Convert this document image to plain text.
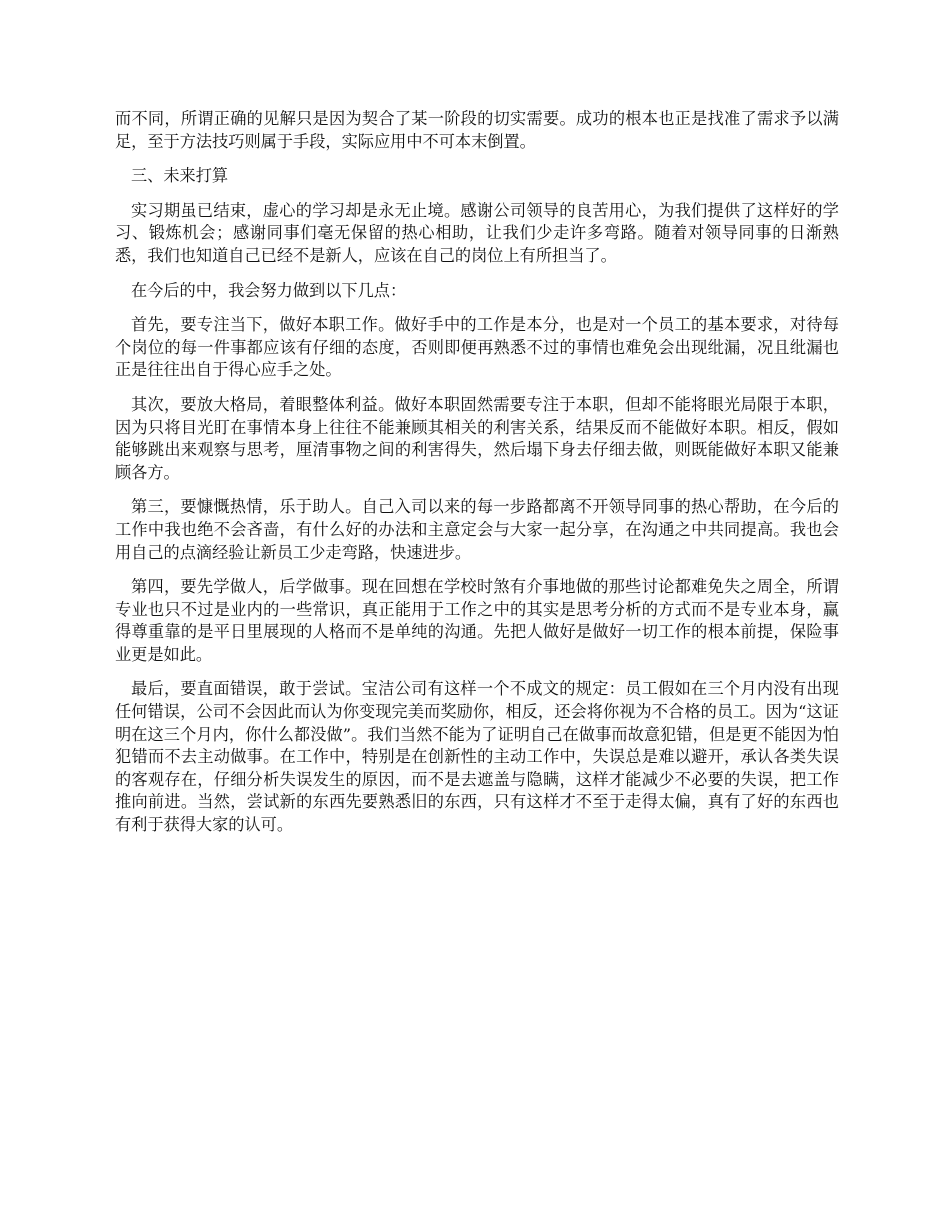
而不同，所谓正确的见解只是因为契合了某一阶段的切实需要。成功的根本也正是找准了需求予以满足，至于方法技巧则属于手段，实际应用中不可本末倒置。

三、未来打算

实习期虽已结束，虚心的学习却是永无止境。感谢公司领导的良苦用心，为我们提供了这样好的学习、锻炼机会；感谢同事们毫无保留的热心相助，让我们少走许多弯路。随着对领导同事的日渐熟悉，我们也知道自己已经不是新人，应该在自己的岗位上有所担当了。

在今后的中，我会努力做到以下几点：

首先，要专注当下，做好本职工作。做好手中的工作是本分，也是对一个员工的基本要求，对待每个岗位的每一件事都应该有仔细的态度，否则即便再熟悉不过的事情也难免会出现纰漏，况且纰漏也正是往往出自于得心应手之处。

其次，要放大格局，着眼整体利益。做好本职固然需要专注于本职，但却不能将眼光局限于本职，因为只将目光盯在事情本身上往往不能兼顾其相关的利害关系，结果反而不能做好本职。相反，假如能够跳出来观察与思考，厘清事物之间的利害得失，然后塌下身去仔细去做，则既能做好本职又能兼顾各方。

第三，要慷慨热情，乐于助人。自己入司以来的每一步路都离不开领导同事的热心帮助，在今后的工作中我也绝不会吝啬，有什么好的办法和主意定会与大家一起分享，在沟通之中共同提高。我也会用自己的点滴经验让新员工少走弯路，快速进步。

第四，要先学做人，后学做事。现在回想在学校时煞有介事地做的那些讨论都难免失之周全，所谓专业也只不过是业内的一些常识，真正能用于工作之中的其实是思考分析的方式而不是专业本身，赢得尊重靠的是平日里展现的人格而不是单纯的沟通。先把人做好是做好一切工作的根本前提，保险事业更是如此。

最后，要直面错误，敢于尝试。宝洁公司有这样一个不成文的规定：员工假如在三个月内没有出现任何错误，公司不会因此而认为你变现完美而奖励你，相反，还会将你视为不合格的员工。因为“这证明在这三个月内，你什么都没做”。我们当然不能为了证明自己在做事而故意犯错，但是更不能因为怕犯错而不去主动做事。在工作中，特别是在创新性的主动工作中，失误总是难以避开，承认各类失误的客观存在，仔细分析失误发生的原因，而不是去遮盖与隐瞒，这样才能减少不必要的失误，把工作推向前进。当然，尝试新的东西先要熟悉旧的东西，只有这样才不至于走得太偏，真有了好的东西也有利于获得大家的认可。
